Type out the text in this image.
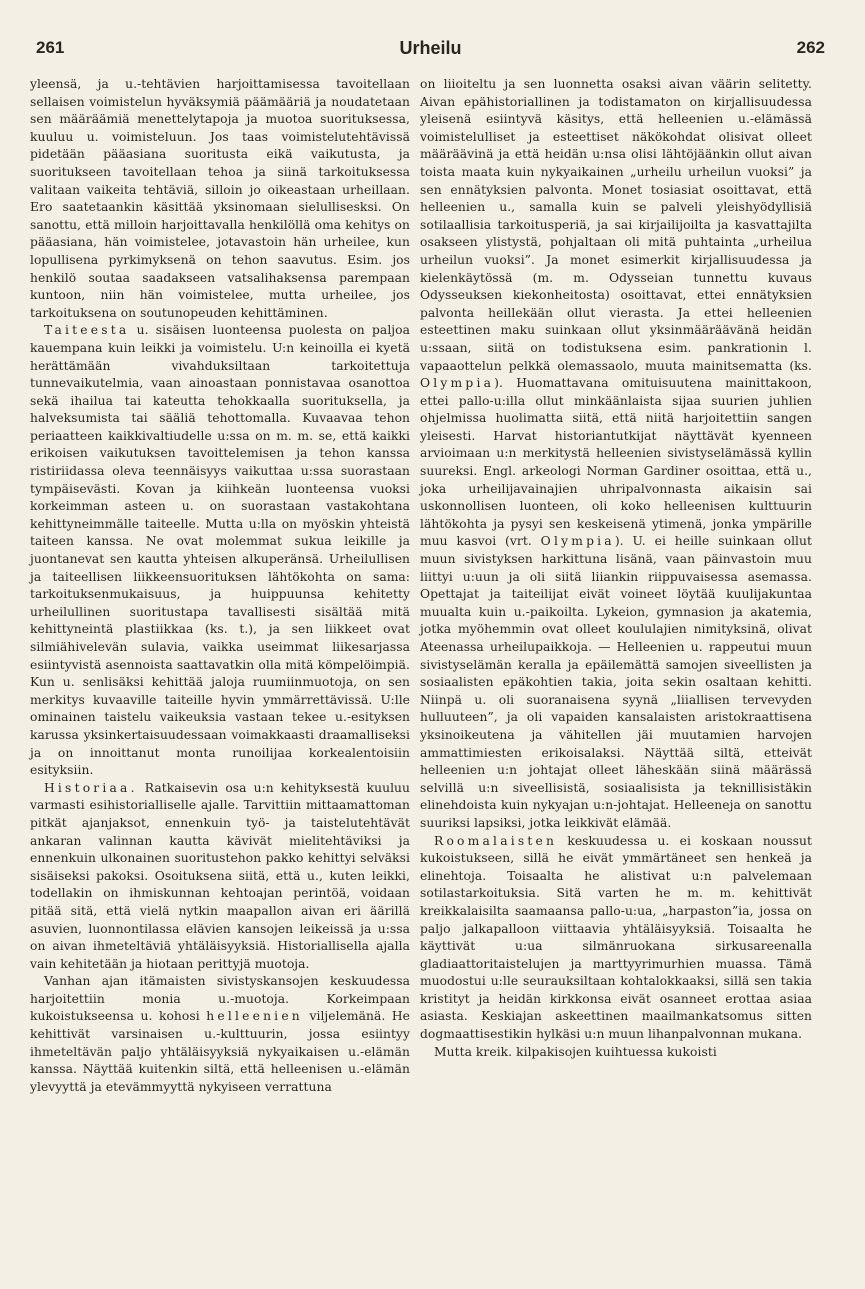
261	Urheilu	262

yleensä, ja u.-tehtävien harjoittamisessa tavoitellaan sellaisen voimistelun hyväksymiä päämääriä ja noudatetaan sen määräämiä menettelytapoja ja muotoa suorituksessa, kuuluu u. voimisteluun. Jos taas voimistelutehtävissä pidetään pääasiana suoritusta eikä vaikutusta, ja suoritukseen tavoitellaan tehoa ja siinä tarkoituksessa valitaan vaikeita tehtäviä, silloin jo oikeastaan urheillaan. Ero saatetaankin käsittää yksinomaan sielullisesksi. On sanottu, että milloin harjoittavalla henkilöllä oma kehitys on pääasiana, hän voimistelee, jotavastoin hän urheilee, kun lopullisena pyrkimyksenä on tehon saavutus. Esim. jos henkilö soutaa saadakseen vatsalihaksensa parempaan kuntoon, niin hän voimistelee, mutta urheilee, jos tarkoituksena on soutunopeuden kehittäminen.

Taiteesta u. sisäisen luonteensa puolesta on paljoa kauempana kuin leikki ja voimistelu. U:n keinoilla ei kyetä herättämään vivahduksiltaan tarkoitettuja tunnevaikutelmia, vaan ainoastaan ponnistavaa osanottoa sekä ihailua tai kateutta tehokkaalla suorituksella, ja halveksumista tai sääliä tehottomalla. Kuvaavaa tehon periaatteen kaikkivaltiudelle u:ssa on m. m. se, että kaikki erikoisen vaikutuksen tavoittelemisen ja tehon kanssa ristiriidassa oleva teennäisyys vaikuttaa u:ssa suorastaan tympäisevästi. Kovan ja kiihkeän luonteensa vuoksi korkeimman asteen u. on suorastaan vastakohtana kehittyneimmälle taiteelle. Mutta u:lla on myöskin yhteistä taiteen kanssa. Ne ovat molemmat sukua leikille ja juontanevat sen kautta yhteisen alkuperänsä. Urheilullisen ja taiteellisen liikkeensuorituksen lähtökohta on sama: tarkoituksenmukaisuus, ja huippuunsa kehitetty urheilullinen suoritustapa tavallisesti sisältää mitä kehittyneintä plastiikkaa (ks. t.), ja sen liikkeet ovat silmiähivelevän sulavia, vaikka useimmat liikesarjassa esiintyvistä asennoista saattavatkin olla mitä kömpelöimpiä. Kun u. senlisäksi kehittää jaloja ruumiinmuotoja, on sen merkitys kuvaaville taiteille hyvin ymmärrettävissä. U:lle ominainen taistelu vaikeuksia vastaan tekee u.-esityksen karussa yksinkertaisuudessaan voimakkaasti draamalliseksi ja on innoittanut monta runoilijaa korkealentoisiin esityksiin.

Historiaa. Ratkaisevin osa u:n kehityksestä kuuluu varmasti esihistorialliselle ajalle. Tarvittiin mittaamattoman pitkät ajanjaksot, ennenkuin työ- ja taistelutehtävät ankaran valinnan kautta kävivät mielitehtäviksi ja ennenkuin ulkonainen suoritustehon pakko kehittyi selväksi sisäiseksi pakoksi. Osoituksena siitä, että u., kuten leikki, todellakin on ihmiskunnan kehtoajan perintöä, voidaan pitää sitä, että vielä nytkin maapallon aivan eri äärillä asuvien, luonnontilassa elävien kansojen leikeissä ja u:ssa on aivan ihmeteltäviä yhtäläisyyksiä. Historiallisella ajalla vain kehitetään ja hiotaan perittyjä muotoja.

Vanhan ajan itämaisten sivistyskansojen keskuudessa harjoitettiin monia u.-muotoja. Korkeimpaan kukoistukseensa u. kohosi helleenien viljelemänä. He kehittivät varsinaisen u.-kulttuurin, jossa esiintyy ihmeteltävän paljo yhtäläisyyksiä nykyaikaisen u.-elämän kanssa. Näyttää kuitenkin siltä, että helleenisen u.-elämän ylevyyttä ja etevämmyyttä nykyiseen verrattuna

on liioiteltu ja sen luonnetta osaksi aivan väärin selitetty. Aivan epähistoriallinen ja todistamaton on kirjallisuudessa yleisenä esiintyvä käsitys, että helleenien u.-elämässä voimistelulliset ja esteettiset näkökohdat olisivat olleet määräävinä ja että heidän u:nsa olisi lähtöjäänkin ollut aivan toista maata kuin nykyaikainen „urheilu urheilun vuoksi” ja sen ennätyksien palvonta. Monet tosiasiat osoittavat, että helleenien u., samalla kuin se palveli yleishyödyllisiä sotilaallisia tarkoitusperiä, ja sai kirjailijoilta ja kasvattajilta osakseen ylistystä, pohjaltaan oli mitä puhtainta „urheilua urheilun vuoksi”. Ja monet esimerkit kirjallisuudessa ja kielenkäytössä (m. m. Odysseian tunnettu kuvaus Odysseuksen kiekonheitosta) osoittavat, ettei ennätyksien palvonta heillekään ollut vierasta. Ja ettei helleenien esteettinen maku suinkaan ollut yksinmääräävänä heidän u:ssaan, siitä on todistuksena esim. pankrationin l. vapaaottelun pelkkä olemassaolo, muuta mainitsematta (ks. Olympia). Huomattavana omituisuutena mainittakoon, ettei pallo-u:illa ollut minkäänlaista sijaa suurien juhlien ohjelmissa huolimatta siitä, että niitä harjoitettiin sangen yleisesti. Harvat historiantutkijat näyttävät kyenneen arvioimaan u:n merkitystä helleenien sivistyselämässä kyllin suureksi. Engl. arkeologi Norman Gardiner osoittaa, että u., joka urheilijavainajien uhripalvonnasta aikaisin sai uskonnollisen luonteen, oli koko helleenisen kulttuurin lähtökohta ja pysyi sen keskeisenä ytimenä, jonka ympärille muu kasvoi (vrt. Olympia). U. ei heille suinkaan ollut muun sivistyksen harkittuna lisänä, vaan päinvastoin muu liittyi u:uun ja oli siitä liiankin riippuvaisessa asemassa. Opettajat ja taiteilijat eivät voineet löytää kuulijakuntaa muualta kuin u.-paikoilta. Lykeion, gymnasion ja akatemia, jotka myöhemmin ovat olleet koululajien nimityksinä, olivat Ateenassa urheilupaikkoja. — Helleenien u. rappeutui muun sivistyselämän keralla ja epäilemättä samojen siveellisten ja sosiaalisten epäkohtien takia, joita sekin osaltaan kehitti. Niinpä u. oli suoranaisena syynä „liiallisen tervevyden hulluuteen”, ja oli vapaiden kansalaisten aristokraattisena yksinoikeutena ja vähitellen jäi muutamien harvojen ammattimiesten erikoisalaksi. Näyttää siltä, etteivät helleenien u:n johtajat olleet läheskään siinä määrässä selvillä u:n siveellisistä, sosiaalisista ja teknillisistäkin elinehdoista kuin nykyajan u:n-johtajat. Helleeneja on sanottu suuriksi lapsiksi, jotka leikkivät elämää.

Roomalaisten keskuudessa u. ei koskaan noussut kukoistukseen, sillä he eivät ymmärtäneet sen henkeä ja elinehtoja. Toisaalta he alistivat u:n palvelemaan sotilastarkoituksia. Sitä varten he m. m. kehittivät kreikkalaisilta saamaansa pallo-u:ua, „harpaston”ia, jossa on paljo jalkapalloon viittaavia yhtäläisyyksiä. Toisaalta he käyttivät u:ua silmänruokana sirkusareenalla gladiaattoritaistelujen ja marttyyrimurhien muassa. Tämä muodostui u:lle seurauksiltaan kohtalokkaaksi, sillä sen takia kristityt ja heidän kirkkonsa eivät osanneet erottaa asiaa asiasta. Keskiajan askeettinen maailmankatsomus sitten dogmaattisestikin hylkäsi u:n muun lihanpalvonnan mukana.

Mutta kreik. kilpakisojen kuihtuessa kukoisti
